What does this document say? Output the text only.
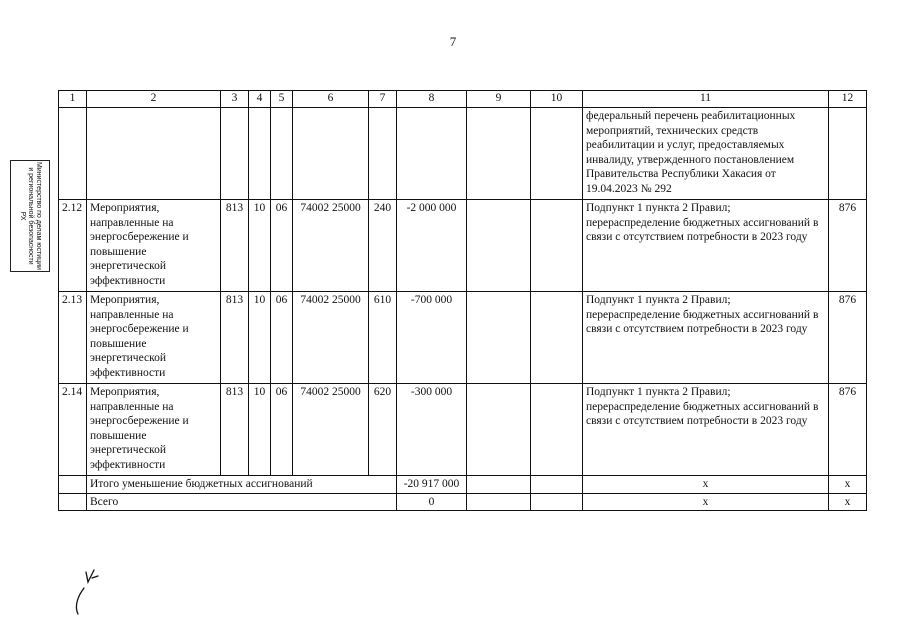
7
Министерство по делам юстиции и региональной безопасности РХ
1	2	3	4	5	6	7	8	9	10	11	12
										федеральный перечень реабилитационных мероприятий, технических средств реабилитации и услуг, предоставляемых инвалиду, утвержденного постановлением Правительства Республики Хакасия от 19.04.2023 № 292	
2.12	Мероприятия, направленные на энергосбережение и повышение энергетической эффективности	813	10	06	74002 25000	240	-2 000 000			Подпункт 1 пункта 2 Правил; перераспределение бюджетных ассигнований в связи с отсутствием потребности в 2023 году	876
2.13	Мероприятия, направленные на энергосбережение и повышение энергетической эффективности	813	10	06	74002 25000	610	-700 000			Подпункт 1 пункта 2 Правил; перераспределение бюджетных ассигнований в связи с отсутствием потребности в 2023 году	876
2.14	Мероприятия, направленные на энергосбережение и повышение энергетической эффективности	813	10	06	74002 25000	620	-300 000			Подпункт 1 пункта 2 Правил; перераспределение бюджетных ассигнований в связи с отсутствием потребности в 2023 году	876
	Итого уменьшение бюджетных ассигнований						-20 917 000			x	x
	Всего						0			x	x
